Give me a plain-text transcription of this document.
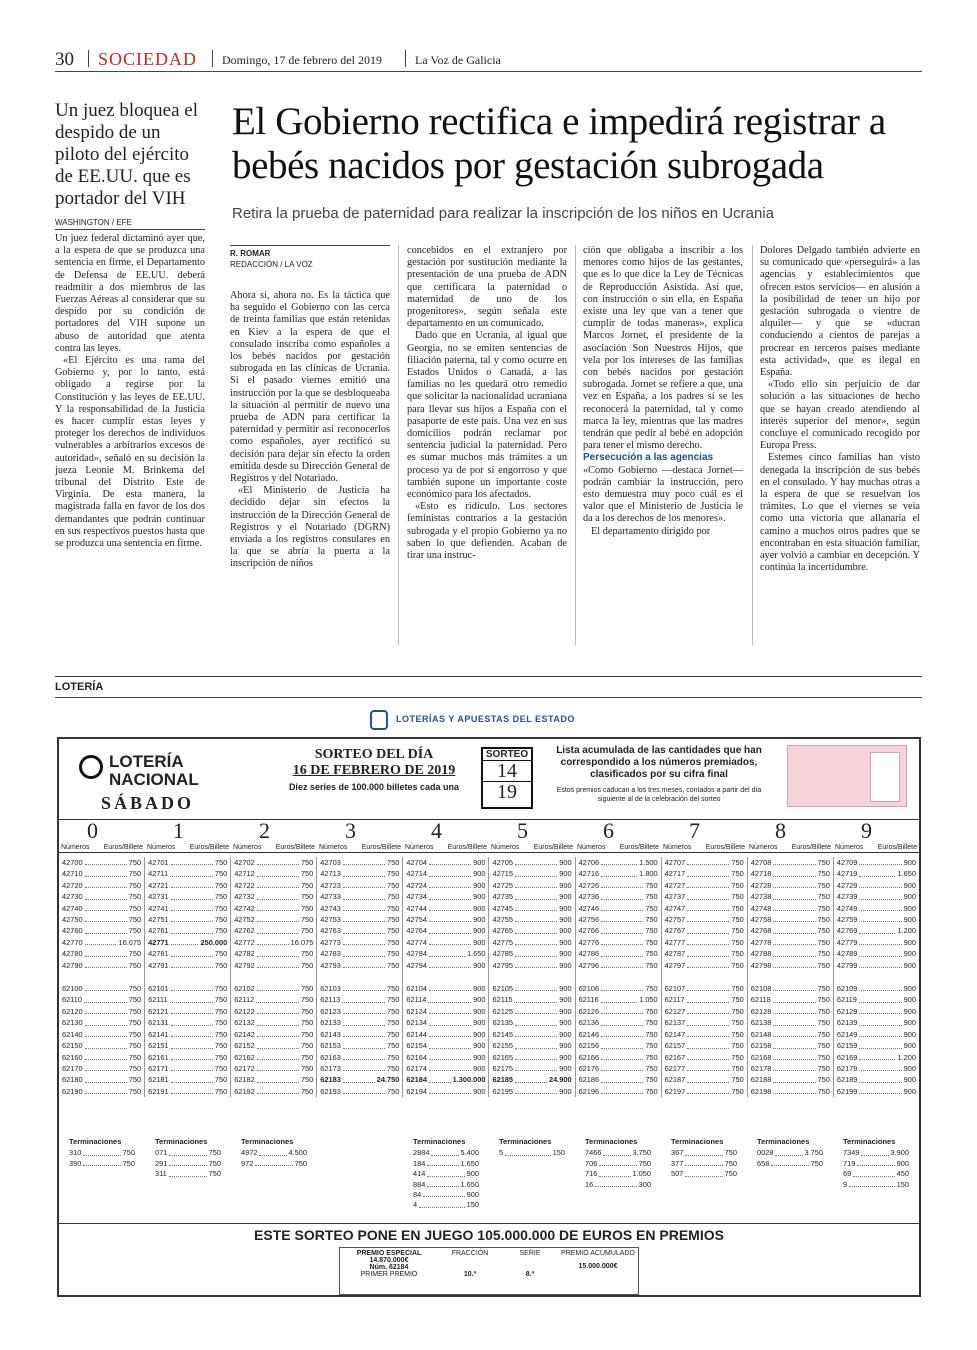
30 SOCIEDAD Domingo, 17 de febrero del 2019	La Voz de Galicia
Un juez bloquea el despido de un piloto del ejército de EE.UU. que es portador del VIH
WASHINGTON / EFE

Un juez federal dictaminó ayer que, a la espera de que se produzca una sentencia en firme, el Departamento de Defensa de EE.UU. deberá readmitir a dos miembros de las Fuerzas Aéreas al considerar que su despido por su condición de portadores del VIH supone un abuso de autoridad que atenta contra las leyes.

«El Ejército es una rama del Gobierno y, por lo tanto, está obligado a regirse por la Constitución y las leyes de EE.UU. Y la responsabilidad de la Justicia es hacer cumplir estas leyes y proteger los derechos de individuos vulnerables a arbitrarios excesos de autoridad», señaló en su decisión la jueza Leonie M. Brinkema del tribunal del Distrito Este de Virginia. De esta manera, la magistrada falla en favor de los dos demandantes que podrán continuar en sus respectivos puestos hasta que se produzca una sentencia en firme.

El Gobierno rectifica e impedirá registrar a bebés nacidos por gestación subrogada
Retira la prueba de paternidad para realizar la inscripción de los niños en Ucrania
R. ROMAR
REDACCIÓN / LA VOZ

Ahora sí, ahora no. Es la táctica que ha seguido el Gobierno con las cerca de treinta familias que están retenidas en Kiev a la espera de que el consulado inscriba como españoles a los bebés nacidos por gestación subrogada en las clínicas de Ucrania. Si el pasado viernes emitió una instrucción por la que se desbloqueaba la situación al permitir de nuevo una prueba de ADN para certificar la paternidad y permitir así reconocerlos como españoles, ayer rectificó su decisión para dejar sin efecto la orden emitida desde su Dirección General de Registros y del Notariado.

«El Ministerio de Justicia ha decidido dejar sin efectos la instrucción de la Dirección General de Registros y el Notariado (DGRN) enviada a los registros consulares en la que se abría la puerta a la inscripción de niños

concebidos en el extranjero por gestación por sustitución mediante la presentación de una prueba de ADN que certificara la paternidad o maternidad de uno de los progenitores», según señala este departamento en un comunicado.

Dado que en Ucrania, al igual que Georgia, no se emiten sentencias de filiación paterna, tal y como ocurre en Estados Unidos o Canadá, a las familias no les quedará otro remedio que solicitar la nacionalidad ucraniana para llevar sus hijos a España con el pasaporte de este país. Una vez en sus domicilios podrán reclamar por sentencia judicial la paternidad. Pero es sumar muchos más trámites a un proceso ya de por sí engorroso y que también supone un importante coste económico para los afectados.

«Esto es ridículo. Los sectores feministas contrarios a la gestación subrogada y el propio Gobierno ya no saben lo que defienden. Acaban de tirar una instruc-

ción que obligaba a inscribir a los menores como hijos de las gestantes, que es lo que dice la Ley de Técnicas de Reproducción Asistida. Así que, con instrucción o sin ella, en España existe una ley que van a tener que cumplir de todas maneras», explica Marcos Jornet, el presidente de la asociación Son Nuestros Hijos, que vela por los intereses de las familias con bebés nacidos por gestación subrogada. Jornet se refiere a que, una vez en España, a los padres sí se les reconocerá la paternidad, tal y como marca la ley, mientras que las madres tendrán que pedir al bebé en adopción para tener el mismo derecho.

Persecución a las agencias

«Como Gobierno —destaca Jornet— podrán cambiar la instrucción, pero esto demuestra muy poco cuál es el valor que el Ministerio de Justicia le da a los derechos de los menores».

El departamento dirigido por

Dolores Delgado también advierte en su comunicado que «perseguirá» a las agencias y establecimientos que ofrecen estos servicios— en alusión a la posibilidad de tener un hijo por gestación subrogada o vientre de alquiler— y que se «ducran conduciendo a cientos de parejas a procrear en terceros países mediante esta actividad», que es ilegal en España.

«Todo ello sin perjuicio de dar solución a las situaciones de hecho que se hayan creado atendiendo al interés superior del menor», según concluye el comunicado recogido por Europa Press.

Estemes cinco familias han visto denegada la inscripción de sus bebés en el consulado. Y hay muchas otras a la espera de que se resuelvan los trámites. Lo que el viernes se veía como una victoria que allanaría el camino a muchos otros padres que se encontraban en esta situación familiar, ayer volvió a cambiar en decepción. Y continúa la incertidumbre.

LOTERÍA
LOTERÍAS Y APUESTAS DEL ESTADO
LOTERÍA
NACIONAL
SÁBADO
SORTEO DEL DÍA
16 DE FEBRERO DE 2019
Diez series de 100.000 billetes cada una
SORTEO
14
19
Lista acumulada de las cantidades que han correspondido a los números premiados, clasificados por su cifra final
Estos premios caducan a los tres meses, contados a partir del día siguiente al de la celebración del sorteo
0	1	2	3	4	5	6	7	8	9
Números Euros/Billete Números Euros/Billete Números Euros/Billete Números Euros/Billete Números Euros/Billete Números Euros/Billete Números Euros/Billete Números Euros/Billete Números Euros/Billete Números Euros/Billete
42700	750
42710	750
42720	750
42730	750
42740	750
42750	750
42760	750
42770	16.075
42780	750
42790	750
62100	750
62110	750
62120	750
62130	750
62140	750
62150	750
62160	750
62170	750
62180	750
62190	750
42701	750
42711	750
42721	750
42731	750
42741	750
42751	750
42761	750
42771	250.000
42781	750
42791	750
62101	750
62111	750
62121	750
62131	750
62141	750
62151	750
62161	750
62171	750
62181	750
62191	750
42702	750
42712	750
42722	750
42732	750
42742	750
42752	750
42762	750
42772	16.075
42782	750
42792	750
62102	750
62112	750
62122	750
62132	750
62142	750
62152	750
62162	750
62172	750
62182	750
62192	750
42703	750
42713	750
42723	750
42733	750
42743	750
42753	750
42763	750
42773	750
42783	750
42793	750
62103	750
62113	750
62123	750
62133	750
62143	750
62153	750
62163	750
62173	750
62183	24.750
62193	750
42704	900
42714	900
42724	900
42734	900
42744	900
42754	900
42764	900
42774	900
42784	1.650
42794	900
62104	900
62114	900
62124	900
62134	900
62144	900
62154	900
62164	900
62174	900
62184	1.300.000
62194	900
42705	900
42715	900
42725	900
42735	900
42745	900
42755	900
42765	900
42775	900
42785	900
42795	900
62105	900
62115	900
62125	900
62135	900
62145	900
62155	900
62165	900
62175	900
62185	24.900
62195	900
42706	1.500
42716	1.800
42726	750
42736	750
42746	750
42756	750
42766	750
42776	750
42786	750
42796	750
62106	750
62116	1.050
62126	750
62136	750
62146	750
62156	750
62166	750
62176	750
62186	750
62196	750
42707	750
42717	750
42727	750
42737	750
42747	750
42757	750
42767	750
42777	750
42787	750
42797	750
62107	750
62117	750
62127	750
62137	750
62147	750
62157	750
62167	750
62177	750
62187	750
62197	750
42708	750
42718	750
42728	750
42738	750
42748	750
42758	750
42768	750
42778	750
42788	750
42798	750
62108	750
62118	750
62128	750
62138	750
62148	750
62158	750
62168	750
62178	750
62188	750
62198	750
42709	900
42719	1.650
42729	900
42739	900
42749	900
42759	900
42769	1.200
42779	900
42789	900
42799	900
62109	900
62119	900
62129	900
62139	900
62149	900
62159	900
62169	1.200
62179	900
62189	900
62199	900
Terminaciones
310	750
390	750
Terminaciones
071	750
291	750
311	750
Terminaciones
4972	4.500
972	750
Terminaciones
2884	5.400
184	1.650
414	900
884	1.650
84	900
4	150
Terminaciones
5	150
Terminaciones
7466	3.750
706	750
716	1.050
16	300
Terminaciones
367	750
377	750
507	750
Terminaciones
0028	3.750
658	750
Terminaciones
7349	3.900
719	900
69	450
9	150
ESTE SORTEO PONE EN JUEGO 105.000.000 DE EUROS EN PREMIOS
PREMIO ESPECIAL
14.870.000€
Núm. 62184
PRIMER PREMIO
FRACCIÓN
10.ª
SERIE
8.ª
PREMIO ACUMULADO
15.000.000€
